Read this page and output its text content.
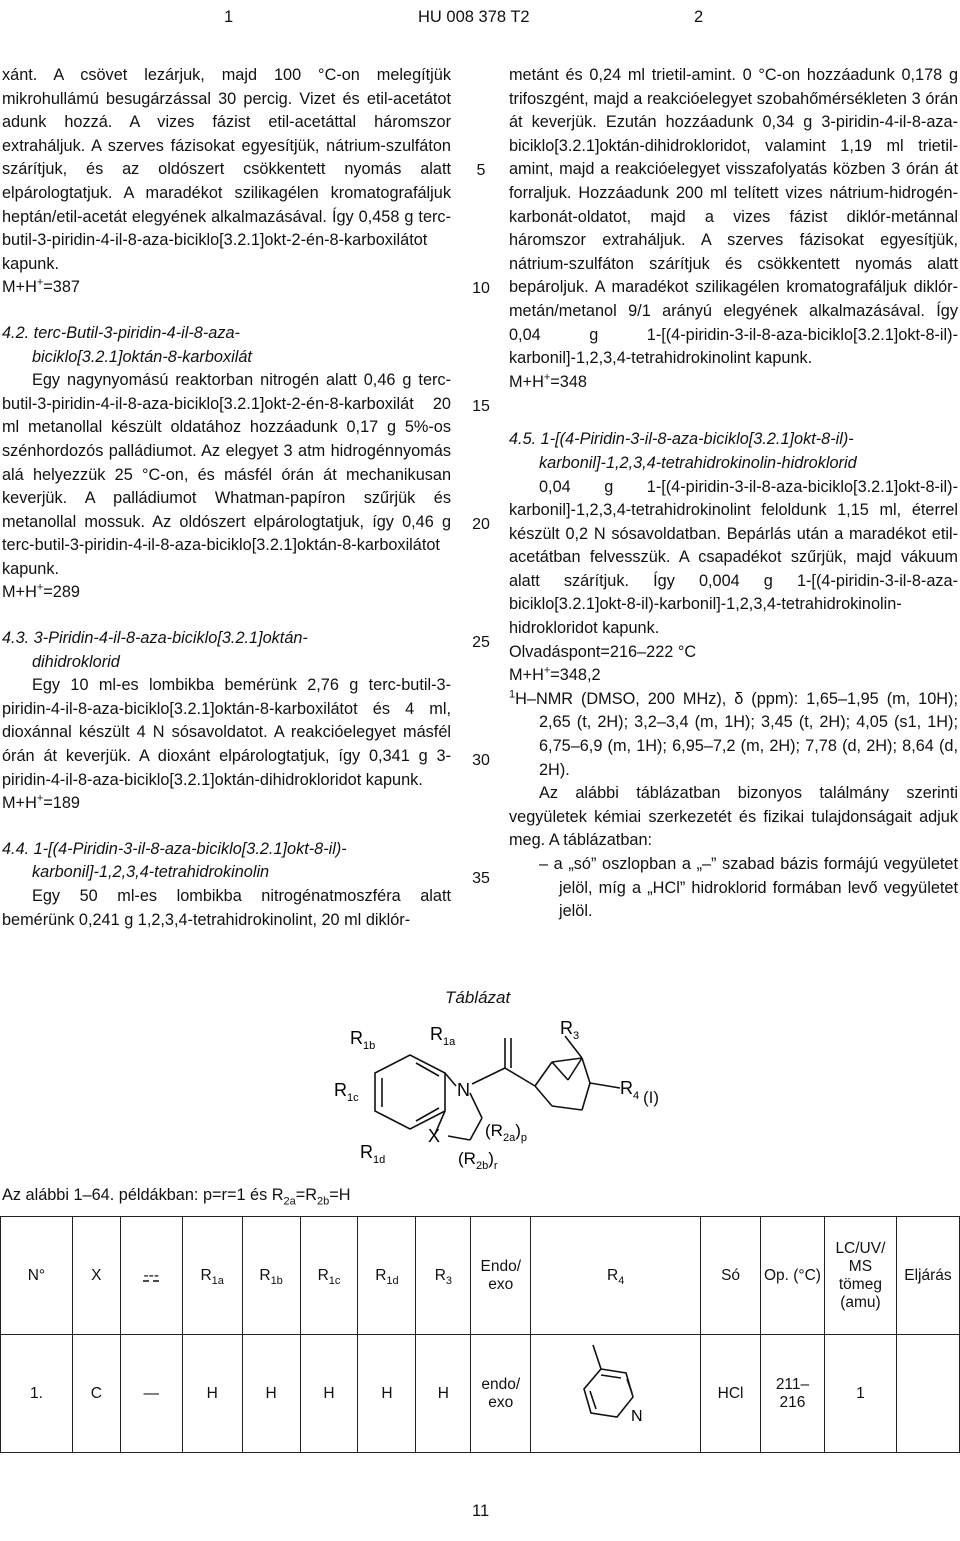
1	HU 008 378 T2	2

xánt. A csövet lezárjuk, majd 100 °C-on melegítjük mikrohullámú besugárzással 30 percig. Vizet és etil-acetátot adunk hozzá. A vizes fázist etil-acetáttal háromszor extraháljuk. A szerves fázisokat egyesítjük, nátrium-szulfáton szárítjuk, és az oldószert csökkentett nyomás alatt elpárologtatjuk. A maradékot szilikagélen kromatografáljuk heptán/etil-acetát elegyének alkalmazásával. Így 0,458 g terc-butil-3-piridin-4-il-8-aza-biciklo[3.2.1]okt-2-én-8-karboxilátot kapunk.

M+H+=387

4.2. terc-Butil-3-piridin-4-il-8-aza-
biciklo[3.2.1]oktán-8-karboxilát

Egy nagynyomású reaktorban nitrogén alatt 0,46 g terc-butil-3-piridin-4-il-8-aza-biciklo[3.2.1]okt-2-én-8-karboxilát 20 ml metanollal készült oldatához hozzáadunk 0,17 g 5%-os szénhordozós palládiumot. Az elegyet 3 atm hidrogénnyomás alá helyezzük 25 °C-on, és másfél órán át mechanikusan keverjük. A palládiumot Whatman-papíron szűrjük és metanollal mossuk. Az oldószert elpárologtatjuk, így 0,46 g terc-butil-3-piridin-4-il-8-aza-biciklo[3.2.1]oktán-8-karboxilátot kapunk.

M+H+=289

4.3. 3-Piridin-4-il-8-aza-biciklo[3.2.1]oktán-
dihidroklorid

Egy 10 ml-es lombikba bemérünk 2,76 g terc-butil-3-piridin-4-il-8-aza-biciklo[3.2.1]oktán-8-karboxilátot és 4 ml, dioxánnal készült 4 N sósavoldatot. A reakcióelegyet másfél órán át keverjük. A dioxánt elpárologtatjuk, így 0,341 g 3-piridin-4-il-8-aza-biciklo[3.2.1]oktán-dihidrokloridot kapunk.

M+H+=189

4.4. 1-[(4-Piridin-3-il-8-aza-biciklo[3.2.1]okt-8-il)-
karbonil]-1,2,3,4-tetrahidrokinolin

Egy 50 ml-es lombikba nitrogénatmoszféra alatt bemérünk 0,241 g 1,2,3,4-tetrahidrokinolint, 20 ml diklór-

5
10
15
20
25
30
35

metánt és 0,24 ml trietil-amint. 0 °C-on hozzáadunk 0,178 g trifoszgént, majd a reakcióelegyet szobahőmérsékleten 3 órán át keverjük. Ezután hozzáadunk 0,34 g 3-piridin-4-il-8-aza-biciklo[3.2.1]oktán-dihidrokloridot, valamint 1,19 ml trietil-amint, majd a reakcióelegyet visszafolyatás közben 3 órán át forraljuk. Hozzáadunk 200 ml telített vizes nátrium-hidrogén-karbonát-oldatot, majd a vizes fázist diklór-metánnal háromszor extraháljuk. A szerves fázisokat egyesítjük, nátrium-szulfáton szárítjuk és csökkentett nyomás alatt bepároljuk. A maradékot szilikagélen kromatografáljuk diklór-metán/metanol 9/1 arányú elegyének alkalmazásával. Így 0,04 g 1-[(4-piridin-3-il-8-aza-biciklo[3.2.1]okt-8-il)-karbonil]-1,2,3,4-tetrahidrokinolint kapunk.

M+H+=348

4.5. 1-[(4-Piridin-3-il-8-aza-biciklo[3.2.1]okt-8-il)-
karbonil]-1,2,3,4-tetrahidrokinolin-hidroklorid

0,04 g 1-[(4-piridin-3-il-8-aza-biciklo[3.2.1]okt-8-il)-karbonil]-1,2,3,4-tetrahidrokinolint feloldunk 1,15 ml, éterrel készült 0,2 N sósavoldatban. Bepárlás után a maradékot etil-acetátban felvesszük. A csapadékot szűrjük, majd vákuum alatt szárítjuk. Így 0,004 g 1-[(4-piridin-3-il-8-aza-biciklo[3.2.1]okt-8-il)-karbonil]-1,2,3,4-tetrahidrokinolin-hidrokloridot kapunk.

Olvadáspont=216–222 °C

M+H+=348,2

$^1$H–NMR (DMSO, 200 MHz), δ (ppm): 1,65–1,95 (m, 10H); 2,65 (t, 2H); 3,2–3,4 (m, 1H); 3,45 (t, 2H); 4,05 (s1, 1H); 6,75–6,9 (m, 1H); 6,95–7,2 (m, 2H); 7,78 (d, 2H); 8,64 (d, 2H).

Az alábbi táblázatban bizonyos találmány szerinti vegyületek kémiai szerkezetét és fizikai tulajdonságait adjuk meg. A táblázatban:

– a „só” oszlopban a „–” szabad bázis formájú vegyületet jelöl, míg a „HCl” hidroklorid formában levő vegyületet jelöl.

Táblázat
$R_{1b}$
$R_{1a}$
$R_{1c}$
$R_{1d}$
N
X	$(R_{2a})_p$
$(R_{2b})_r$
$R_3$
$R_4$ (I)
Az alábbi 1–64. példákban: p=r=1 és $R_{2a}=R_{2b}=H$
N°	X	---	$R_{1a}$	$R_{1b}$	$R_{1c}$	$R_{1d}$	$R_3$	Endo/ exo	$R_4$	Só	Op. (°C)	LC/UV/ MS tömeg (amu)	Eljárás
1.	C	—	H	H	H	H	H	endo/ exo	N	HCl	211–216	1	
11
